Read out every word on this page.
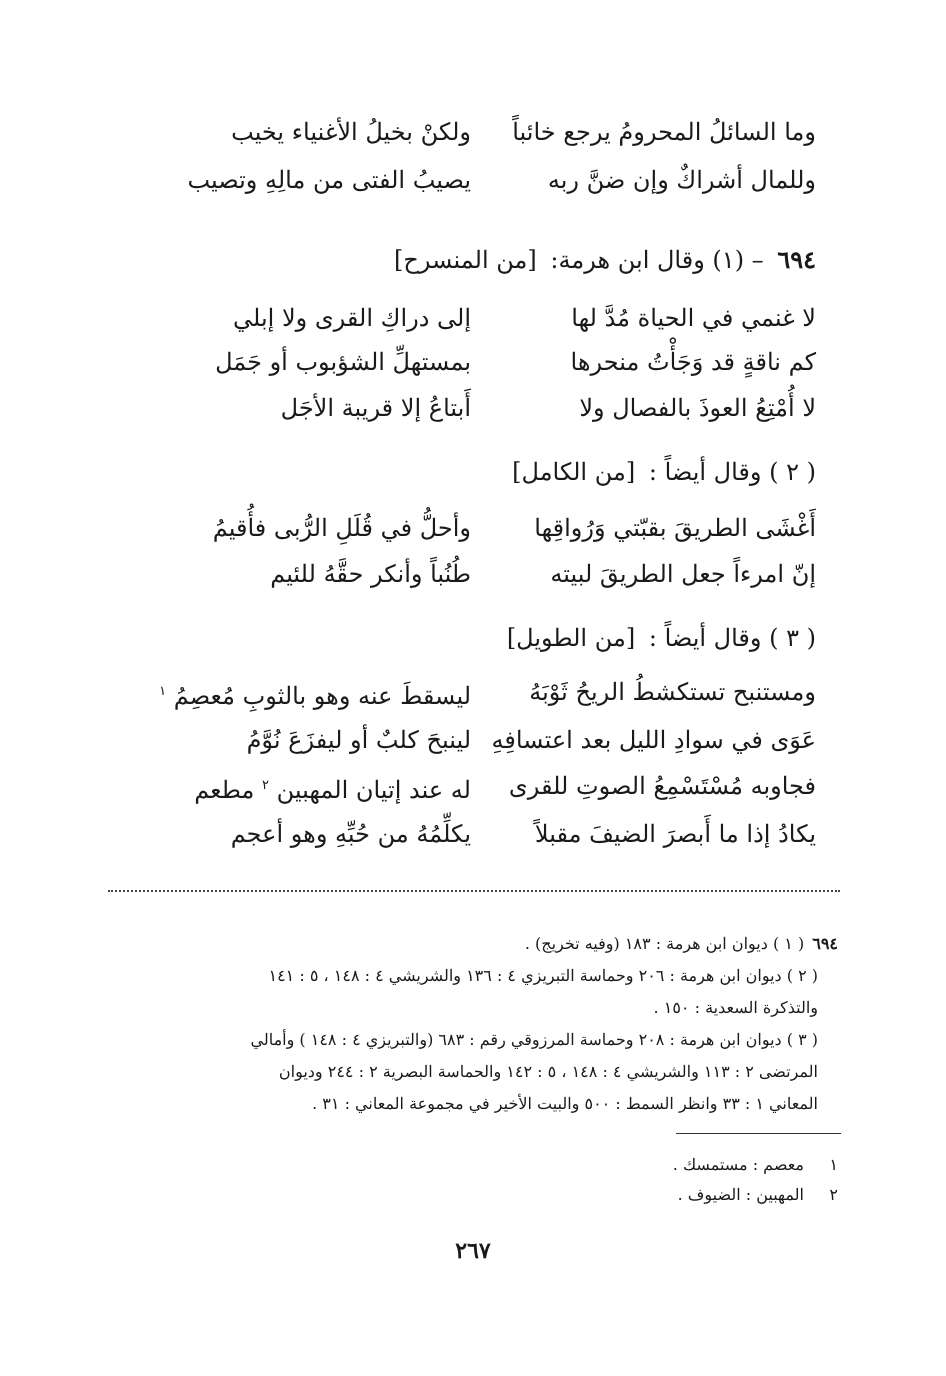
وما السائلُ المحرومُ يرجع خائباً
ولكنْ بخيلُ الأغنياء يخيب
وللمال أشراكٌ وإن ضنَّ ربه
يصيبُ الفتى من مالِهِ وتصيب
٦٩٤ – (١) وقال ابن هرمة: [من المنسرح]
لا غنمي في الحياة مُدَّ لها
إلى دراكِ القرى ولا إبلي
كم ناقةٍ قد وَجَأْتُ منحرها
بمستهلِّ الشؤبوب أو جَمَل
لا أُمْتِعُ العوذَ بالفصال ولا
أَبتاعُ إلا قريبة الأجَل
( ٢ ) وقال أيضاً : [من الكامل]
أَغْشَى الطريقَ بقبّتي وَرُواقِها
وأحلُّ في قُلَلِ الرُّبى فأُقيمُ
إنّ امرءاً جعل الطريقَ لبيته
طُنُباً وأنكر حقَّهُ للئيم
( ٣ ) وقال أيضاً : [من الطويل]
ومستنبح تستكشطُ الريحُ ثَوْبَهُ
ليسقطَ عنه وهو بالثوبِ مُعصِمُ $^١$
عَوَى في سوادِ الليل بعد اعتسافِهِ
لينبحَ كلبٌ أو ليفزَعَ نُوَّمُ
فجاوبه مُسْتَسْمِعُ الصوتِ للقرى
له عند إتيان المهبين $^٢$ مطعم
يكادُ إذا ما أَبصرَ الضيفَ مقبلاً
يكلِّمُهُ من حُبِّهِ وهو أعجم
٦٩٤( ١ ) ديوان ابن هرمة : ١٨٣ (وفيه تخريج) .
( ٢ ) ديوان ابن هرمة : ٢٠٦ وحماسة التبريزي ٤ : ١٣٦ والشريشي ٤ : ١٤٨ ، ٥ : ١٤١
والتذكرة السعدية : ١٥٠ .
( ٣ ) ديوان ابن هرمة : ٢٠٨ وحماسة المرزوقي رقم : ٦٨٣ (والتبريزي ٤ : ١٤٨ ) وأمالي
المرتضى ٢ : ١١٣ والشريشي ٤ : ١٤٨ ، ٥ : ١٤٢ والحماسة البصرية ٢ : ٢٤٤ وديوان
المعاني ١ : ٣٣ وانظر السمط : ٥٠٠ والبيت الأخير في مجموعة المعاني : ٣١ .
١معصم : مستمسك .
٢المهبين : الضيوف .
٢٦٧
